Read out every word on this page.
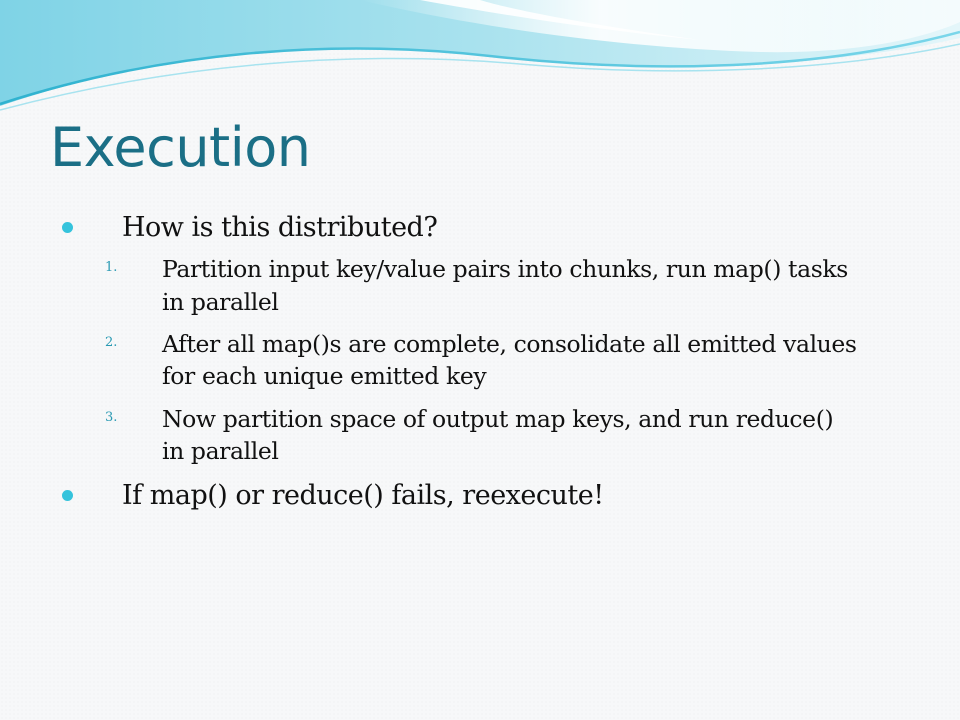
Execution
How is this distributed?
1. Partition input key/value pairs into chunks, run map() tasks in parallel
2. After all map()s are complete, consolidate all emitted values for each unique emitted key
3. Now partition space of output map keys, and run reduce() in parallel
If map() or reduce() fails, reexecute!
